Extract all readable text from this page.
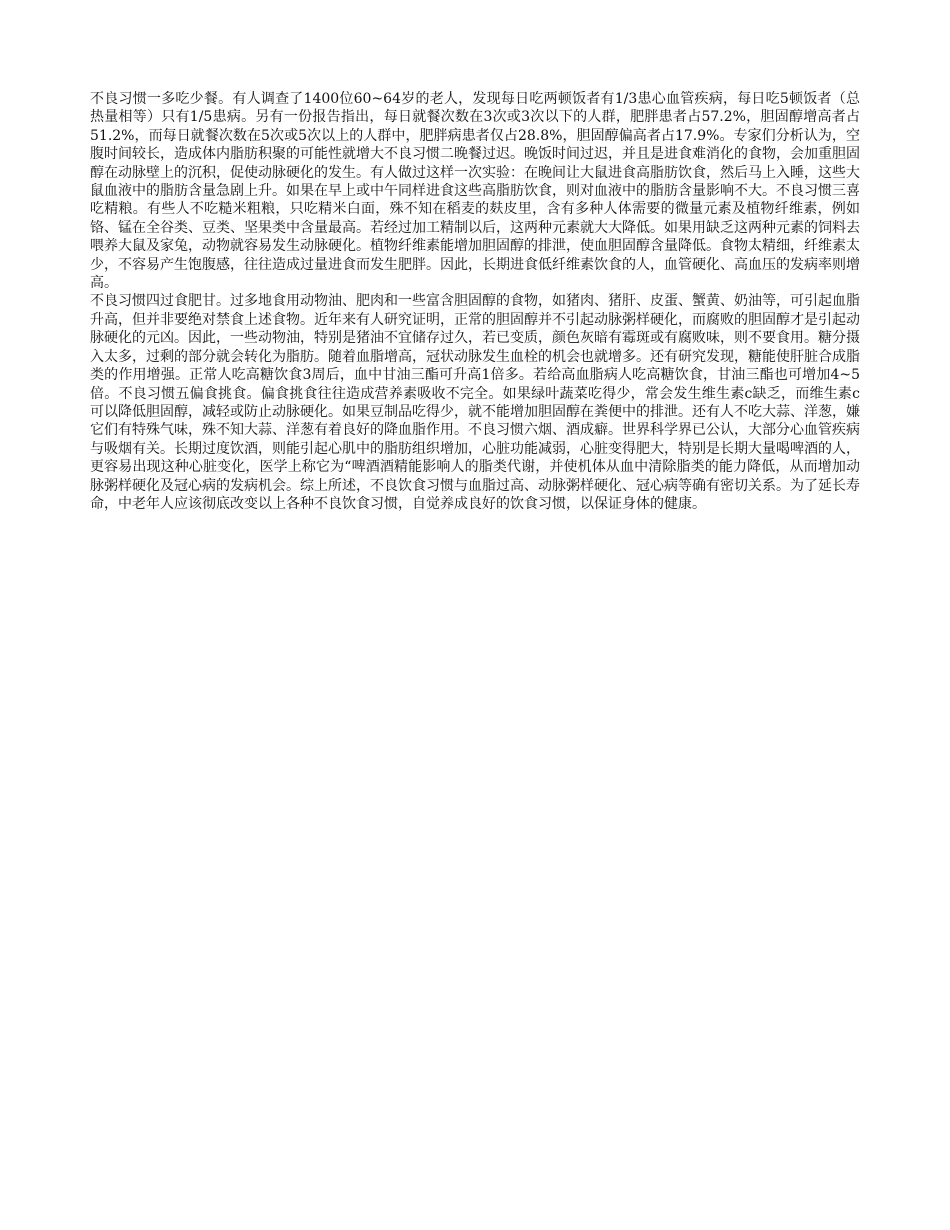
不良习惯一多吃少餐。有人调查了1400位60~64岁的老人，发现每日吃两顿饭者有1/3患心血管疾病，每日吃5顿饭者（总热量相等）只有1/5患病。另有一份报告指出，每日就餐次数在3次或3次以下的人群，肥胖患者占57.2%，胆固醇增高者占51.2%，而每日就餐次数在5次或5次以上的人群中，肥胖病患者仅占28.8%，胆固醇偏高者占17.9%。专家们分析认为，空腹时间较长，造成体内脂肪积聚的可能性就增大不良习惯二晚餐过迟。晚饭时间过迟，并且是进食难消化的食物，会加重胆固醇在动脉壁上的沉积，促使动脉硬化的发生。有人做过这样一次实验：在晚间让大鼠进食高脂肪饮食，然后马上入睡，这些大鼠血液中的脂肪含量急剧上升。如果在早上或中午同样进食这些高脂肪饮食，则对血液中的脂肪含量影响不大。不良习惯三喜吃精粮。有些人不吃糙米粗粮，只吃精米白面，殊不知在稻麦的麸皮里，含有多种人体需要的微量元素及植物纤维素，例如铬、锰在全谷类、豆类、坚果类中含量最高。若经过加工精制以后，这两种元素就大大降低。如果用缺乏这两种元素的饲料去喂养大鼠及家兔，动物就容易发生动脉硬化。植物纤维素能增加胆固醇的排泄，使血胆固醇含量降低。食物太精细，纤维素太少，不容易产生饱腹感，往往造成过量进食而发生肥胖。因此，长期进食低纤维素饮食的人，血管硬化、高血压的发病率则增高。

不良习惯四过食肥甘。过多地食用动物油、肥肉和一些富含胆固醇的食物，如猪肉、猪肝、皮蛋、蟹黄、奶油等，可引起血脂升高，但并非要绝对禁食上述食物。近年来有人研究证明，正常的胆固醇并不引起动脉粥样硬化，而腐败的胆固醇才是引起动脉硬化的元凶。因此，一些动物油，特别是猪油不宜储存过久，若已变质，颜色灰暗有霉斑或有腐败味，则不要食用。糖分摄入太多，过剩的部分就会转化为脂肪。随着血脂增高，冠状动脉发生血栓的机会也就增多。还有研究发现，糖能使肝脏合成脂类的作用增强。正常人吃高糖饮食3周后，血中甘油三酯可升高1倍多。若给高血脂病人吃高糖饮食，甘油三酯也可增加4~5倍。不良习惯五偏食挑食。偏食挑食往往造成营养素吸收不完全。如果绿叶蔬菜吃得少，常会发生维生素c缺乏，而维生素c可以降低胆固醇，减轻或防止动脉硬化。如果豆制品吃得少，就不能增加胆固醇在粪便中的排泄。还有人不吃大蒜、洋葱，嫌它们有特殊气味，殊不知大蒜、洋葱有着良好的降血脂作用。不良习惯六烟、酒成癖。世界科学界已公认，大部分心血管疾病与吸烟有关。长期过度饮酒，则能引起心肌中的脂肪组织增加，心脏功能减弱，心脏变得肥大，特别是长期大量喝啤酒的人，更容易出现这种心脏变化，医学上称它为“啤酒酒精能影响人的脂类代谢，并使机体从血中清除脂类的能力降低，从而增加动脉粥样硬化及冠心病的发病机会。综上所述，不良饮食习惯与血脂过高、动脉粥样硬化、冠心病等确有密切关系。为了延长寿命，中老年人应该彻底改变以上各种不良饮食习惯，自觉养成良好的饮食习惯，以保证身体的健康。
